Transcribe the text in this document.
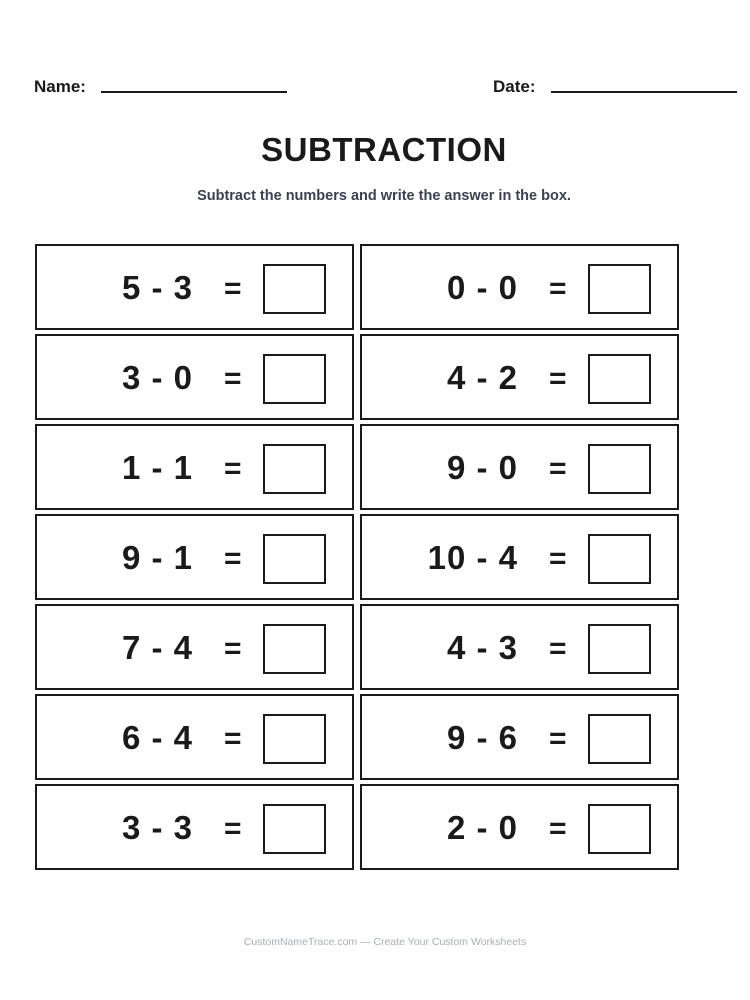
Name:	Date:
SUBTRACTION
Subtract the numbers and write the answer in the box.
5 - 3 =	0 - 0 =
3 - 0 =	4 - 2 =
1 - 1 =	9 - 0 =
9 - 1 =	10 - 4 =
7 - 4 =	4 - 3 =
6 - 4 =	9 - 6 =
3 - 3 =	2 - 0 =
CustomNameTrace.com — Create Your Custom Worksheets
